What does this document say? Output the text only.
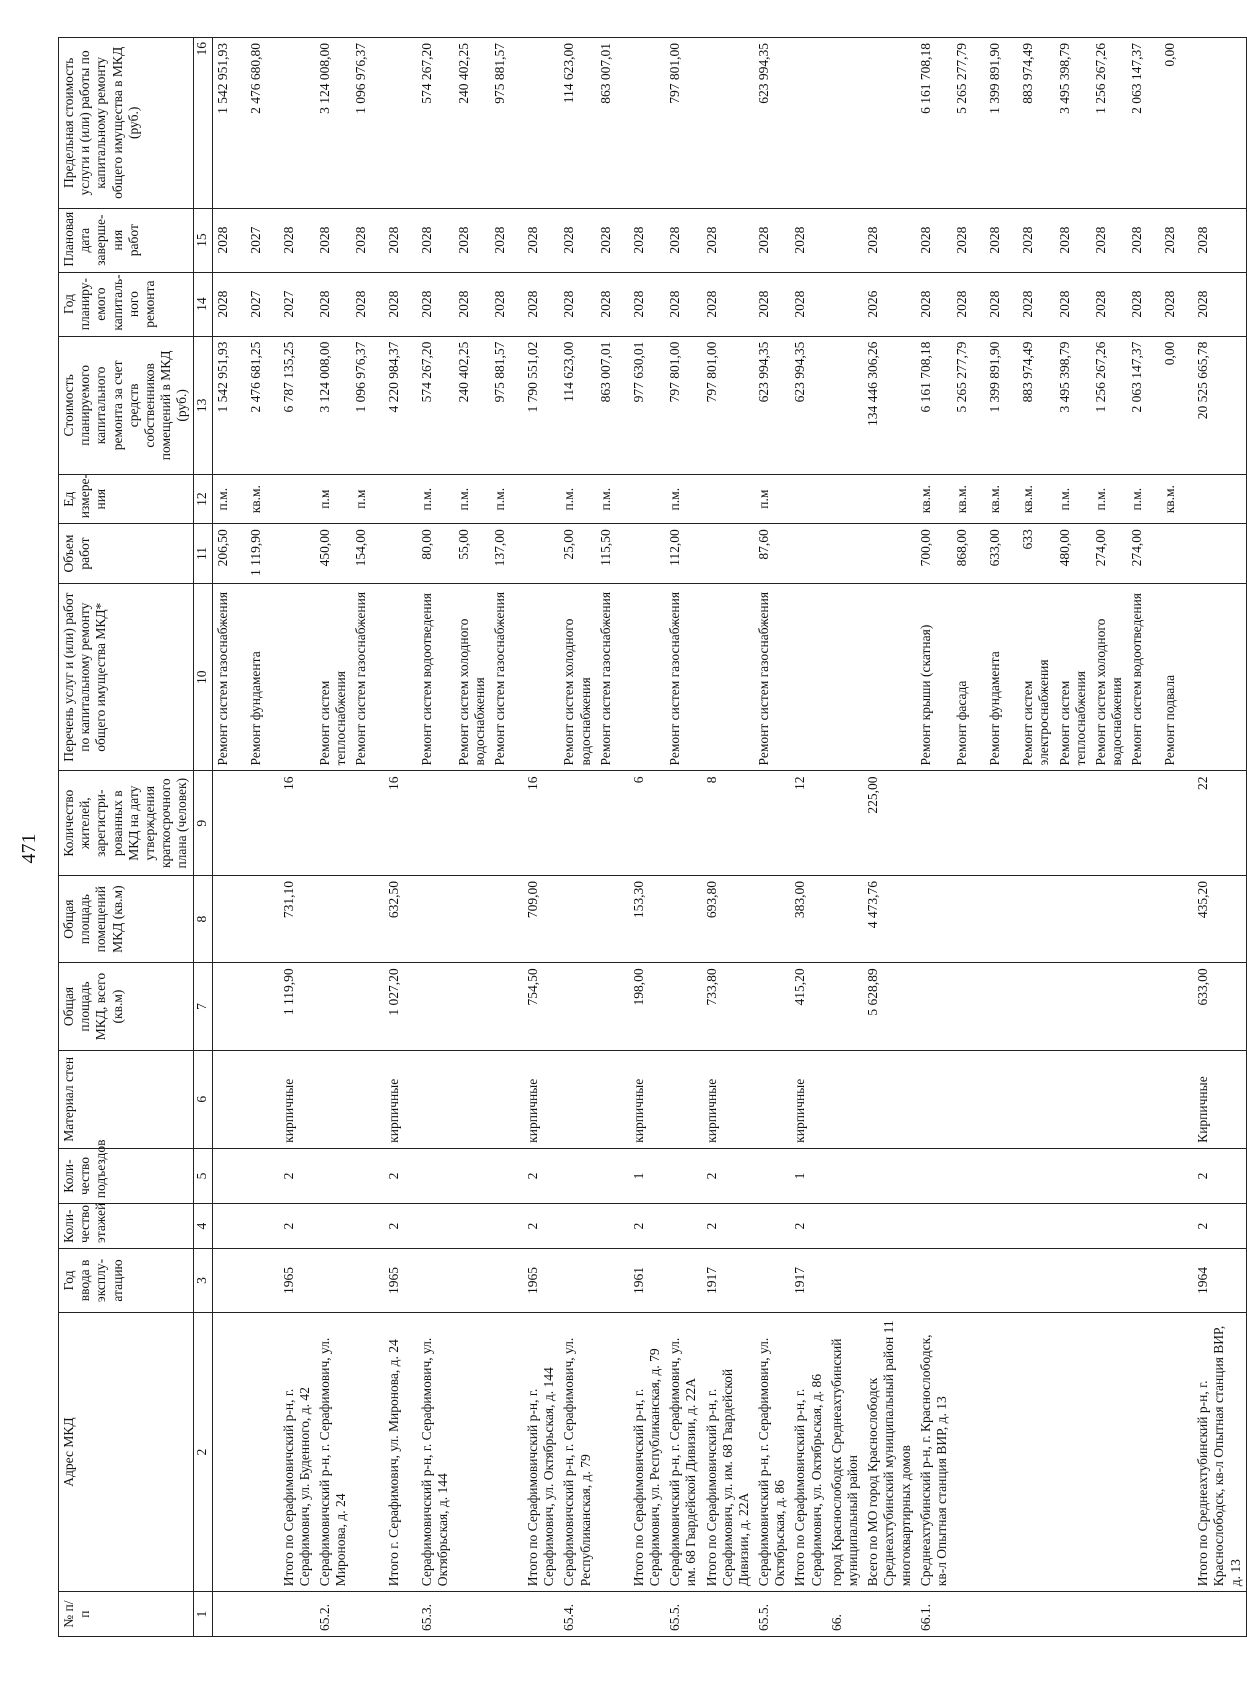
471
№ п/п	Адрес МКД	Год ввода в эксплу-атацию	Коли-чество этажей	Коли-чество подъездов	Материал стен	Общая площадь МКД, всего (кв.м)	Общая площадь помещений МКД (кв.м)	Количество жителей, зарегистри-рованных в МКД на дату утверждения краткосрочного плана (человек)	Перечень услуг и (или) работ по капитальному ремонту общего имущества МКД*	Объем работ	Ед измере-ния	Стоимость планируемого капитального ремонта за счет средств собственников помещений в МКД (руб.)	Год планиру-емого капиталь-ного ремонта	Плановая дата заверше-ния работ	Предельная стоимость услуги и (или) работы по капитальному ремонту общего имущества в МКД (руб.)
1	2	3	4	5	6	7	8	9	10	11	12	13	14	15	16
									Ремонт систем газоснабжения	206,50	п.м.	1 542 951,93	2028	2028	1 542 951,93
									Ремонт фундамента	1 119,90	кв.м.	2 476 681,25	2027	2027	2 476 680,80
	Итого по Серафимовичский р-н, г. Серафимович, ул. Буденного, д. 42	1965	2	2	кирпичные	1 119,90	731,10	16				6 787 135,25	2027	2028	
65.2.	Серафимовичский р-н, г. Серафимович, ул. Миронова, д. 24								Ремонт систем теплоснабжения	450,00	п.м	3 124 008,00	2028	2028	3 124 008,00
									Ремонт систем газоснабжения	154,00	п.м	1 096 976,37	2028	2028	1 096 976,37
	Итого г. Серафимович, ул. Миронова, д. 24	1965	2	2	кирпичные	1 027,20	632,50	16				4 220 984,37	2028	2028	
65.3.	Серафимовичский р-н, г. Серафимович, ул. Октябрьская, д. 144								Ремонт систем водоотведения	80,00	п.м.	574 267,20	2028	2028	574 267,20
									Ремонт систем холодного водоснабжения	55,00	п.м.	240 402,25	2028	2028	240 402,25
									Ремонт систем газоснабжения	137,00	п.м.	975 881,57	2028	2028	975 881,57
	Итого по Серафимовичский р-н, г. Серафимович, ул. Октябрьская, д. 144	1965	2	2	кирпичные	754,50	709,00	16				1 790 551,02	2028	2028	
65.4.	Серафимовичский р-н, г. Серафимович, ул. Республиканская, д. 79								Ремонт систем холодного водоснабжения	25,00	п.м.	114 623,00	2028	2028	114 623,00
									Ремонт систем газоснабжения	115,50	п.м.	863 007,01	2028	2028	863 007,01
	Итого по Серафимовичский р-н, г. Серафимович, ул. Республиканская, д. 79	1961	2	1	кирпичные	198,00	153,30	6				977 630,01	2028	2028	
65.5.	Серафимовичский р-н, г. Серафимович, ул. им. 68 Гвардейской Дивизии, д. 22А								Ремонт систем газоснабжения	112,00	п.м.	797 801,00	2028	2028	797 801,00
	Итого по Серафимовичский р-н, г. Серафимович, ул. им. 68 Гвардейской Дивизии, д. 22А	1917	2	2	кирпичные	733,80	693,80	8				797 801,00	2028	2028	
65.5.	Серафимовичский р-н, г. Серафимович, ул. Октябрьская, д. 86								Ремонт систем газоснабжения	87,60	п.м	623 994,35	2028	2028	623 994,35
	Итого по Серафимовичский р-н, г. Серафимович, ул. Октябрьская, д. 86	1917	2	1	кирпичные	415,20	383,00	12				623 994,35	2028	2028	
66.	город Краснослободск Среднеахтубинский муниципальный район														
	Всего по МО город Краснослободск Среднеахтубинский муниципальный район 11 многоквартирных домов					5 628,89	4 473,76	225,00				134 446 306,26	2026	2028	
66.1.	Среднеахтубинский р-н, г. Краснослободск, кв-л Опытная станция ВИР, д. 13								Ремонт крыши (скатная)	700,00	кв.м.	6 161 708,18	2028	2028	6 161 708,18
									Ремонт фасада	868,00	кв.м.	5 265 277,79	2028	2028	5 265 277,79
									Ремонт фундамента	633,00	кв.м.	1 399 891,90	2028	2028	1 399 891,90
									Ремонт систем электроснабжения	633	кв.м.	883 974,49	2028	2028	883 974,49
									Ремонт систем теплоснабжения	480,00	п.м.	3 495 398,79	2028	2028	3 495 398,79
									Ремонт систем холодного водоснабжения	274,00	п.м.	1 256 267,26	2028	2028	1 256 267,26
									Ремонт систем водоотведения	274,00	п.м.	2 063 147,37	2028	2028	2 063 147,37
									Ремонт подвала		кв.м.	0,00	2028	2028	0,00
	Итого по Среднеахтубинский р-н, г. Краснослободск, кв-л Опытная станция ВИР, д. 13	1964	2	2	Кирпичные	633,00	435,20	22				20 525 665,78	2028	2028	
